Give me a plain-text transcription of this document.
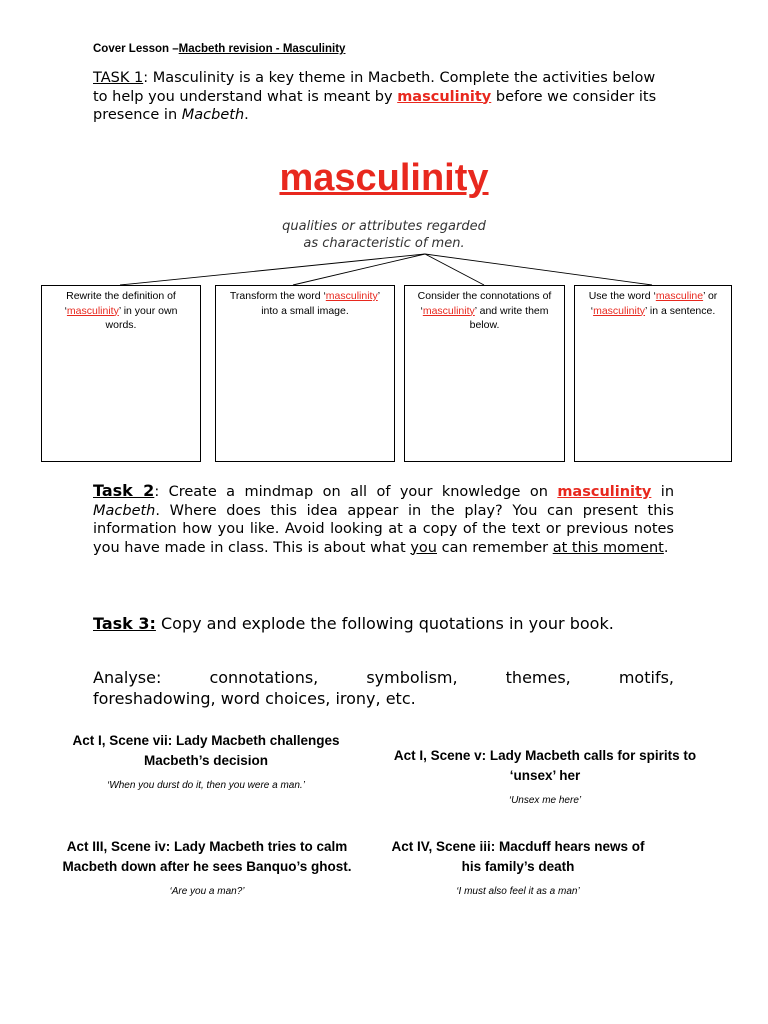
Cover Lesson –Macbeth revision - Masculinity
TASK 1: Masculinity is a key theme in Macbeth. Complete the activities below to help you understand what is meant by masculinity before we consider its presence in Macbeth.
masculinity
qualities or attributes regarded
as characteristic of men.
Rewrite the definition of ‘masculinity’ in your own words.
Transform the word ‘masculinity’ into a small image.
Consider the connotations of ‘masculinity’ and write them below.
Use the word ‘masculine’ or ‘masculinity’ in a sentence.
Task 2: Create a mindmap on all of your knowledge on masculinity in Macbeth. Where does this idea appear in the play? You can present this information how you like. Avoid looking at a copy of the text or previous notes you have made in class. This is about what you can remember at this moment.
Task 3: Copy and explode the following quotations in your book.
Analyse:	connotations,	symbolism,	themes,	motifs,
foreshadowing, word choices, irony, etc.
Act I, Scene vii: Lady Macbeth challenges
Macbeth’s decision
‘When you durst do it, then you were a man.’
Act I, Scene v: Lady Macbeth calls for spirits to
‘unsex’ her
‘Unsex me here’
Act III, Scene iv: Lady Macbeth tries to calm
Macbeth down after he sees Banquo’s ghost.
‘Are you a man?’
Act IV, Scene iii: Macduff hears news of
his family’s death
‘I must also feel it as a man’
